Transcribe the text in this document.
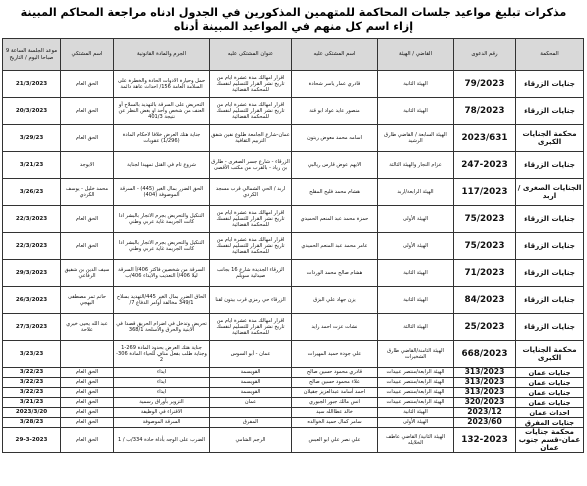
مذكرات تبليغ مواعيد جلسات المحاكمة للمتهمين المذكورين في الجدول ادناه مراجعة المحاكم المبينة إزاء اسم كل منهم في المواعيد المبينة أدناه
المحكمة	رقم الدعوى	القاضي / الهيئة	اسم المشتكى عليه	عنوان المشتكى عليه	الجرم والمادة القانونية	اسم المشتكي	موعد الجلسة الساعة 9 صباحا اليوم / التاريخ
جنايات الزرقاء	79/2023	الهيئة الثانية	قادري عمار ياسر شحادة	اقرار امهالك مدة عشرة ايام من تاريخ نشر القرار للتسليم لنفسك للمحكمة القضائية	حمل وحيازة الادوات الحادة والخطرة على السلامة العامة 156/ احداث عاهة دائمة	الحق العام	21/3/2023
جنايات الزرقاء	78/2023	الهيئة الثانية	منصور عايد عواد ابو قتة	اقرار امهالك مدة عشرة ايام من تاريخ نشر القرار للتسليم لنفسك للمحكمة القضائية	التحريض على السرقة بالتهديد بالسلاح أو العنف من شخص واحد او بغض النظر عن نتيجة 401/3	الحق العام	20/3/2023
محكمة الجنايات الكبرى	2023/631	الهيئة السابعة / القاضي طارق الرشيد	اسامه محمد معوض زيتون	عمان-شارع الجامعة طلوع نفين شفق التربيم الثقافية	جناية هتك العرض خلافا لاحكام المادة (1/296) عقوبات	الحق العام	3/29/23
جنايات الزرقاء	247-2023	عزام النجار والهيئة الثالثة	الايهم عوض قارس ريالبي	الزرقاء - شارع جسر الصغرى - طارق بن زياد - بالقرب من مكتب الأقصى	شروع تام في القتل تمهيدا لجناية	الايوجد	3/21/23
الجنايات الصغرى / اربد	117/2023	الهيئة الرابعة/اربد	هشام محمد فليح المقلح	اربد / الحي الشمالي قرب مسجد الكردي	الحق الضرر بمال الغير (445) - السرقة الموصوفة (404)	محمد خليل - يوسف الكردي	3/26/23
جنايات الزرقاء	75/2023	الهيئة الأولى	حمزة محمد عبد المنعم الحميدي	اقرار امهالك مدة عشرة ايام من تاريخ نشر القرار للتسليم لنفسك للمحكمة القضائية	التنكيل والتحريض بجرم الاتجار بالبشر اذا كانت الجريمة غاية عربي وطني	الحق العام	22/3/2023
جنايات الزرقاء	75/2023	الهيئة الأولى	عامر محمد عبد المنعم الحميدي	اقرار امهالك مدة عشرة ايام من تاريخ نشر القرار للتسليم لنفسك للمحكمة القضائية	التنكيل والتحريض بجرم الاتجار بالبشر اذا كانت الجريمة غاية عربي وطني	الحق العام	22/3/2023
جنايات الزرقاء	71/2023	الهيئة الثانية	هشام صالح محمد الوردات	الزرقاء الجديدة شارع 16 بجانب صيدلية سويلم	السرقة من شخصين فاكثر 406/أ السرقة ليلا 406/أ التعذيب والايذاء 406/ب	سيف الدين بن شفيق الرفاعي	29/3/2023
جنايات الزرقاء	84/2023	الهيئة الثانية	يزن جهاد علي البزق	الزرقاء حي رمزي قرب بيتون لقنا	الحاق الضرر بمال الغير 445/التهديد بسلاح 349/1 مخالفة أوامر الدفاع 7/	حاتم ثمر مصطفى البهجي	26/3/2023
جنايات الزرقاء	25/2023	الهيئة الثالثة	نشات عزت احمد زايد	اقرار امهالك مدة عشرة ايام من تاريخ نشر القرار للتسليم لنفسك للمحكمة القضائية	تحريض وتدخل في اضرام الحريق قصدا في الابنية والحرق والاسلحة 368/1	عبد الله يحيى خيري علاحة	27/3/2023
محكمة الجنايات الكبرى	668/2023	الهيئة الثامنة/القاضي طارق الشخيرات	علي جودة حميد المهيرات	عمان - أبو السوس	جناية هتك العرض بحدود المادة 269-1 وجناية طلب بفعل منافٍ للحياء المادة 306-2		3/23/23
جنايات عمان	313/2023	الهيئة الرابعة/منتصر عبيدات	قادري محمود حسين صالح	القويسمة	ايذاء	الحق العام	3/22/23
جنايات عمان	313/2023	الهيئة الرابعة/منتصر عبيدات	علاء محمود حسين صالح	القويسمة	ايذاء	الحق العام	3/22/23
جنايات عمان	313/2023	الهيئة الرابعة/منتصر عبيدات	احمد أسامة عبدالعزيز جقيلان	القويسمة	ايذاء	الحق العام	3/22/23
جنايات عمان	320/2023	الهيئة الرابعة/منتصر عبيدات	انس مالك جبور الجبوري	عمان	التزوير بأوراق رسمية	الحق العام	3/21/23
احداث عمان	2023/12	الهيئة الثانية	خالد عطاالله سيد		الاقتراء في الوظيفة	الحق العام	2023/3/20
جنايات المفرق	2023/60	الهيئة الأولى	سامر كمال حميد الخوالده	المفرق	السرقة الموصوفة	الحق العام	3/28/23
محكمة جنايات عمان-قسم جنوب عمان	132-2023	الهيئة الثانية/ القاضي عاطف الخلايله	علي نصر علي ابو العبس	الرجم الشامي	الضرب على الوجه بأداة حادة 334/ب / 1	الحق العام	29-3-2023
